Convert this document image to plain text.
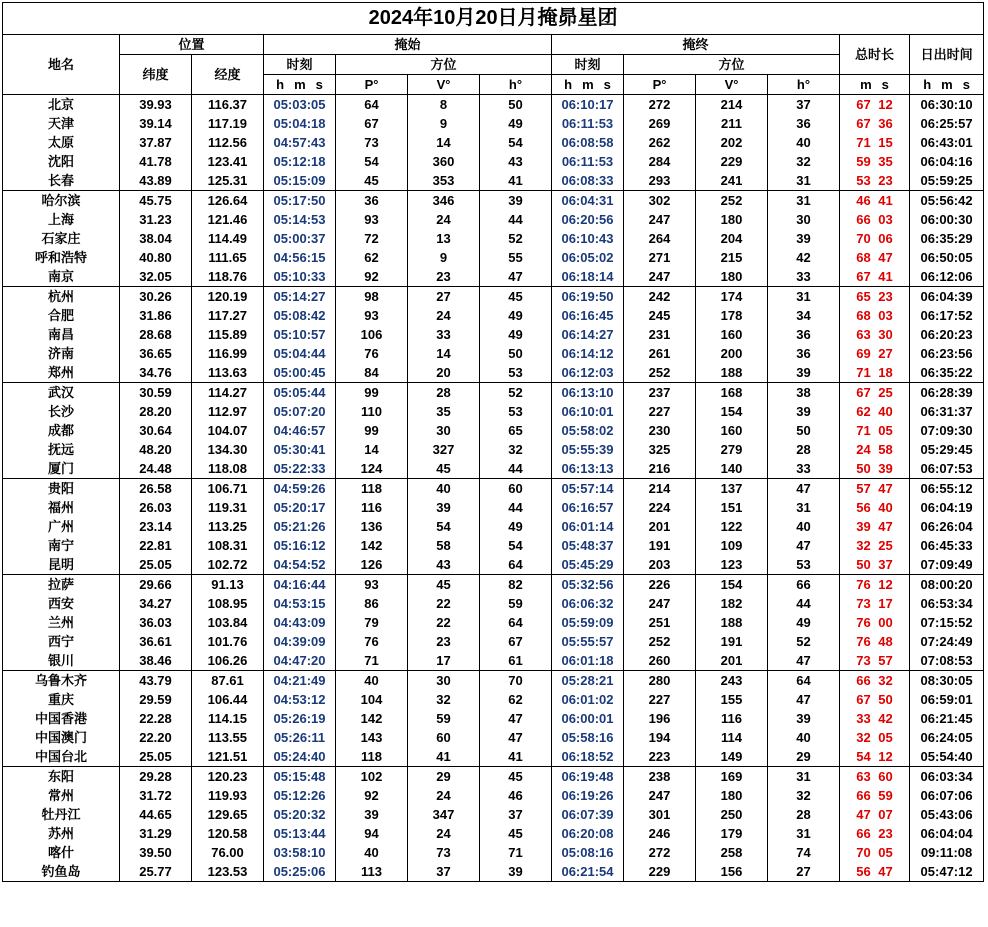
2024年10月20日月掩昴星团												
地名	位置		掩始				掩终				总时长	日出时间
	纬度	经度	时刻	方位			时刻	方位				
			h m s	P°	V°	h°	h m s	P°	V°	h°	m s	h m s
北京	39.93	116.37	05:03:05	64	8	50	06:10:17	272	214	37	67 12	06:30:10
天津	39.14	117.19	05:04:18	67	9	49	06:11:53	269	211	36	67 36	06:25:57
太原	37.87	112.56	04:57:43	73	14	54	06:08:58	262	202	40	71 15	06:43:01
沈阳	41.78	123.41	05:12:18	54	360	43	06:11:53	284	229	32	59 35	06:04:16
长春	43.89	125.31	05:15:09	45	353	41	06:08:33	293	241	31	53 23	05:59:25
哈尔滨	45.75	126.64	05:17:50	36	346	39	06:04:31	302	252	31	46 41	05:56:42
上海	31.23	121.46	05:14:53	93	24	44	06:20:56	247	180	30	66 03	06:00:30
石家庄	38.04	114.49	05:00:37	72	13	52	06:10:43	264	204	39	70 06	06:35:29
呼和浩特	40.80	111.65	04:56:15	62	9	55	06:05:02	271	215	42	68 47	06:50:05
南京	32.05	118.76	05:10:33	92	23	47	06:18:14	247	180	33	67 41	06:12:06
杭州	30.26	120.19	05:14:27	98	27	45	06:19:50	242	174	31	65 23	06:04:39
合肥	31.86	117.27	05:08:42	93	24	49	06:16:45	245	178	34	68 03	06:17:52
南昌	28.68	115.89	05:10:57	106	33	49	06:14:27	231	160	36	63 30	06:20:23
济南	36.65	116.99	05:04:44	76	14	50	06:14:12	261	200	36	69 27	06:23:56
郑州	34.76	113.63	05:00:45	84	20	53	06:12:03	252	188	39	71 18	06:35:22
武汉	30.59	114.27	05:05:44	99	28	52	06:13:10	237	168	38	67 25	06:28:39
长沙	28.20	112.97	05:07:20	110	35	53	06:10:01	227	154	39	62 40	06:31:37
成都	30.64	104.07	04:46:57	99	30	65	05:58:02	230	160	50	71 05	07:09:30
抚远	48.20	134.30	05:30:41	14	327	32	05:55:39	325	279	28	24 58	05:29:45
厦门	24.48	118.08	05:22:33	124	45	44	06:13:13	216	140	33	50 39	06:07:53
贵阳	26.58	106.71	04:59:26	118	40	60	05:57:14	214	137	47	57 47	06:55:12
福州	26.03	119.31	05:20:17	116	39	44	06:16:57	224	151	31	56 40	06:04:19
广州	23.14	113.25	05:21:26	136	54	49	06:01:14	201	122	40	39 47	06:26:04
南宁	22.81	108.31	05:16:12	142	58	54	05:48:37	191	109	47	32 25	06:45:33
昆明	25.05	102.72	04:54:52	126	43	64	05:45:29	203	123	53	50 37	07:09:49
拉萨	29.66	91.13	04:16:44	93	45	82	05:32:56	226	154	66	76 12	08:00:20
西安	34.27	108.95	04:53:15	86	22	59	06:06:32	247	182	44	73 17	06:53:34
兰州	36.03	103.84	04:43:09	79	22	64	05:59:09	251	188	49	76 00	07:15:52
西宁	36.61	101.76	04:39:09	76	23	67	05:55:57	252	191	52	76 48	07:24:49
银川	38.46	106.26	04:47:20	71	17	61	06:01:18	260	201	47	73 57	07:08:53
乌鲁木齐	43.79	87.61	04:21:49	40	30	70	05:28:21	280	243	64	66 32	08:30:05
重庆	29.59	106.44	04:53:12	104	32	62	06:01:02	227	155	47	67 50	06:59:01
中国香港	22.28	114.15	05:26:19	142	59	47	06:00:01	196	116	39	33 42	06:21:45
中国澳门	22.20	113.55	05:26:11	143	60	47	05:58:16	194	114	40	32 05	06:24:05
中国台北	25.05	121.51	05:24:40	118	41	41	06:18:52	223	149	29	54 12	05:54:40
东阳	29.28	120.23	05:15:48	102	29	45	06:19:48	238	169	31	63 60	06:03:34
常州	31.72	119.93	05:12:26	92	24	46	06:19:26	247	180	32	66 59	06:07:06
牡丹江	44.65	129.65	05:20:32	39	347	37	06:07:39	301	250	28	47 07	05:43:06
苏州	31.29	120.58	05:13:44	94	24	45	06:20:08	246	179	31	66 23	06:04:04
喀什	39.50	76.00	03:58:10	40	73	71	05:08:16	272	258	74	70 05	09:11:08
钓鱼岛	25.77	123.53	05:25:06	113	37	39	06:21:54	229	156	27	56 47	05:47:12
